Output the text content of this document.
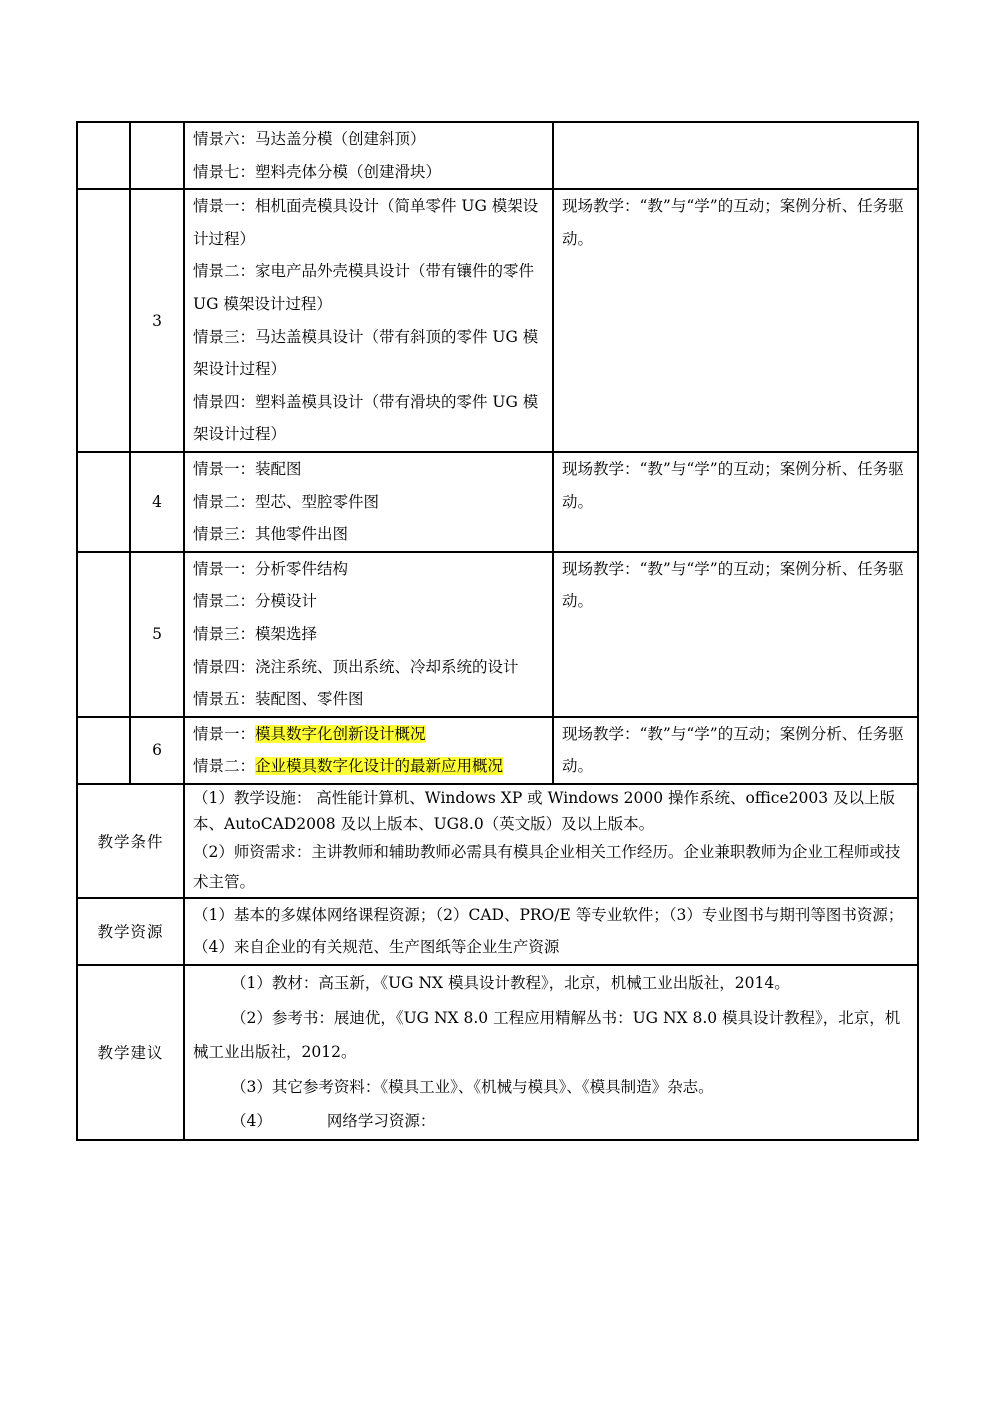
		情景六：马达盖分模（创建斜顶）
情景七：塑料壳体分模（创建滑块）	

	3	情景一：相机面壳模具设计（简单零件 UG 模架设计过程）
情景二：家电产品外壳模具设计（带有镶件的零件 UG 模架设计过程）
情景三：马达盖模具设计（带有斜顶的零件 UG 模架设计过程）
情景四：塑料盖模具设计（带有滑块的零件 UG 模架设计过程）	现场教学：“教”与“学”的互动；案例分析、任务驱动。

	4	情景一：装配图
情景二：型芯、型腔零件图
情景三：其他零件出图	现场教学：“教”与“学”的互动；案例分析、任务驱动。

	5	情景一：分析零件结构
情景二：分模设计
情景三：模架选择
情景四：浇注系统、顶出系统、冷却系统的设计
情景五：装配图、零件图	现场教学：“教”与“学”的互动；案例分析、任务驱动。

	6	情景一：模具数字化创新设计概况
情景二：企业模具数字化设计的最新应用概况	现场教学：“教”与“学”的互动；案例分析、任务驱动。

教学条件		（1）教学设施： 高性能计算机、Windows XP 或 Windows 2000 操作系统、office2003 及以上版本、AutoCAD2008 及以上版本、UG8.0（英文版）及以上版本。
（2）师资需求：主讲教师和辅助教师必需具有模具企业相关工作经历。企业兼职教师为企业工程师或技术主管。	

教学资源		（1）基本的多媒体网络课程资源；（2）CAD、PRO/E 等专业软件；（3）专业图书与期刊等图书资源；（4）来自企业的有关规范、生产图纸等企业生产资源	

教学建议		（1）教材：高玉新，《UG NX 模具设计教程》，北京，机械工业出版社，2014。
（2）参考书：展迪优，《UG NX 8.0 工程应用精解丛书：UG NX 8.0 模具设计教程》，北京，机械工业出版社，2012。
（3）其它参考资料：《模具工业》、《机械与模具》、《模具制造》杂志。
（4） 网络学习资源：	
